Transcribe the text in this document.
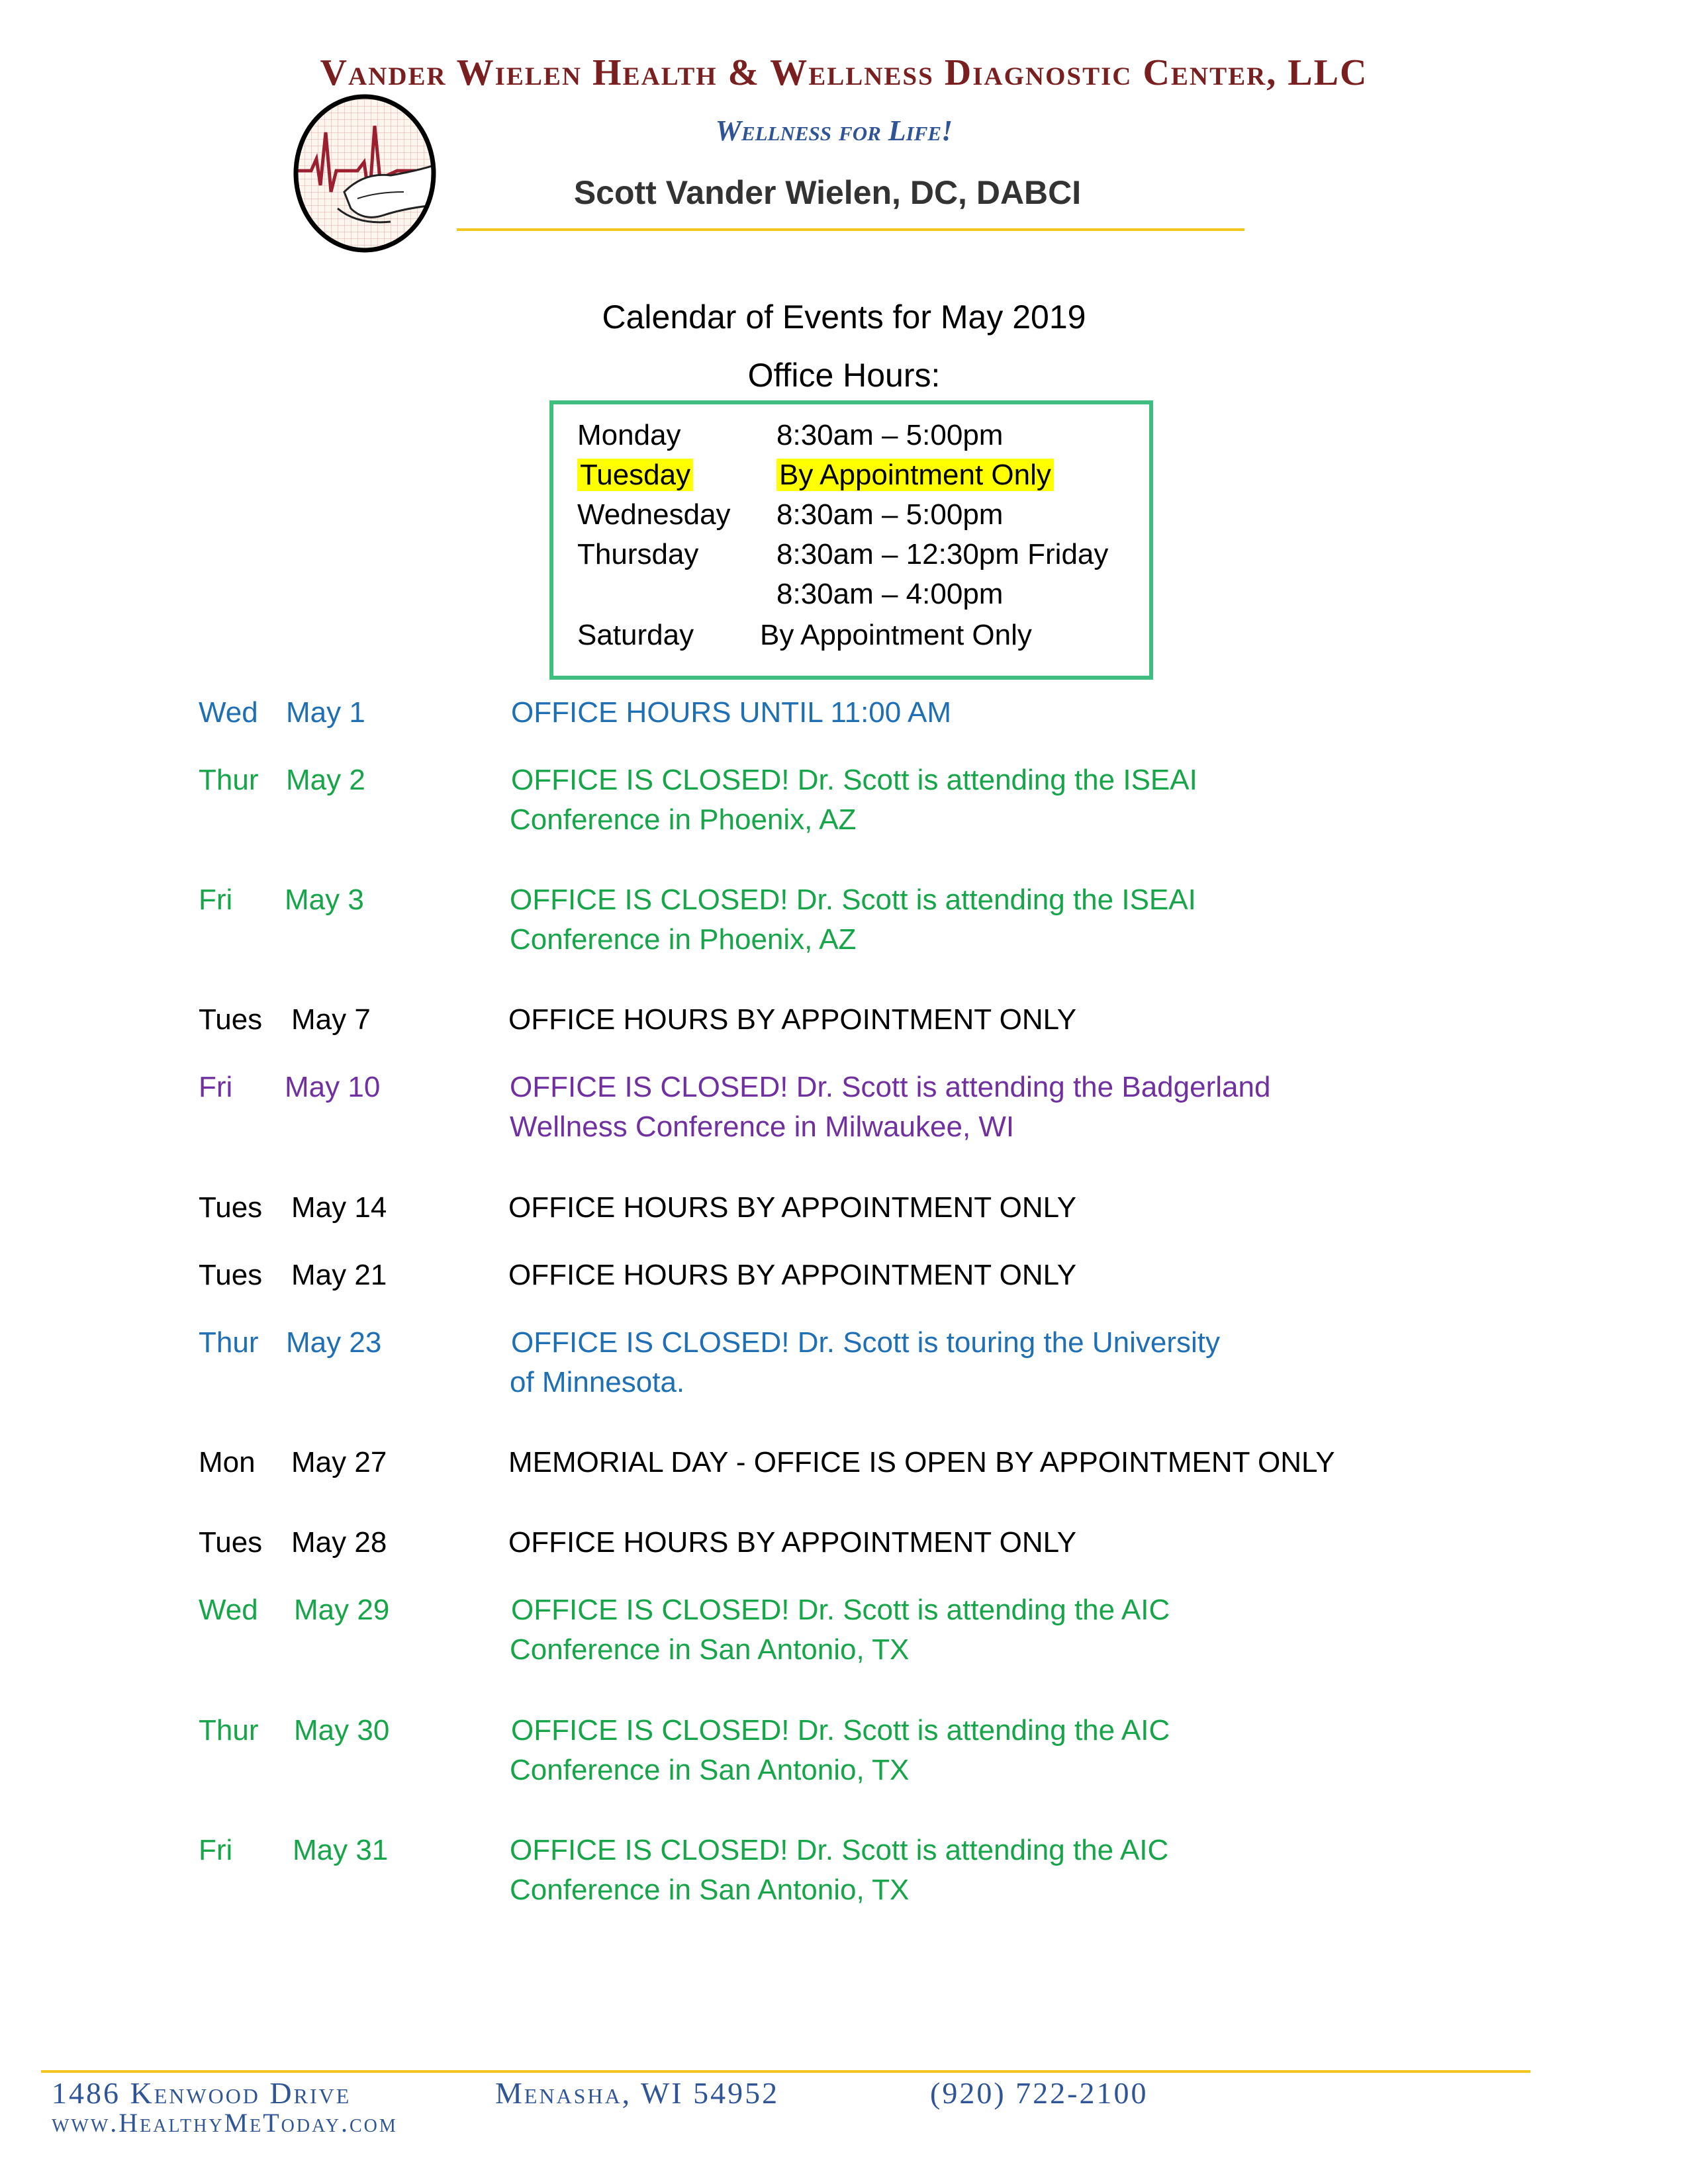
Vander Wielen Health & Wellness Diagnostic Center, LLC
Wellness for Life!
Scott Vander Wielen, DC, DABCI
Calendar of Events for May 2019
Office Hours:
Monday	8:30am – 5:00pm
Tuesday	By Appointment Only
Wednesday 8:30am – 5:00pm
Thursday	8:30am – 12:30pm Friday
8:30am – 4:00pm
Saturday By Appointment Only
Wed May 1	OFFICE HOURS UNTIL 11:00 AM
Thur May 2	OFFICE IS CLOSED! Dr. Scott is attending the ISEAI
Conference in Phoenix, AZ
Fri May 3	OFFICE IS CLOSED! Dr. Scott is attending the ISEAI
Conference in Phoenix, AZ
Tues May 7	OFFICE HOURS BY APPOINTMENT ONLY
Fri May 10	OFFICE IS CLOSED! Dr. Scott is attending the Badgerland
Wellness Conference in Milwaukee, WI
Tues May 14	OFFICE HOURS BY APPOINTMENT ONLY
Tues May 21	OFFICE HOURS BY APPOINTMENT ONLY
Thur May 23	OFFICE IS CLOSED! Dr. Scott is touring the University
of Minnesota.
Mon May 27	MEMORIAL DAY - OFFICE IS OPEN BY APPOINTMENT ONLY
Tues May 28	OFFICE HOURS BY APPOINTMENT ONLY
Wed May 29	OFFICE IS CLOSED! Dr. Scott is attending the AIC
Conference in San Antonio, TX
Thur May 30	OFFICE IS CLOSED! Dr. Scott is attending the AIC
Conference in San Antonio, TX
Fri May 31	OFFICE IS CLOSED! Dr. Scott is attending the AIC
Conference in San Antonio, TX
1486 Kenwood Drive	Menasha, WI 54952	(920) 722-2100
www.HealthyMeToday.com
